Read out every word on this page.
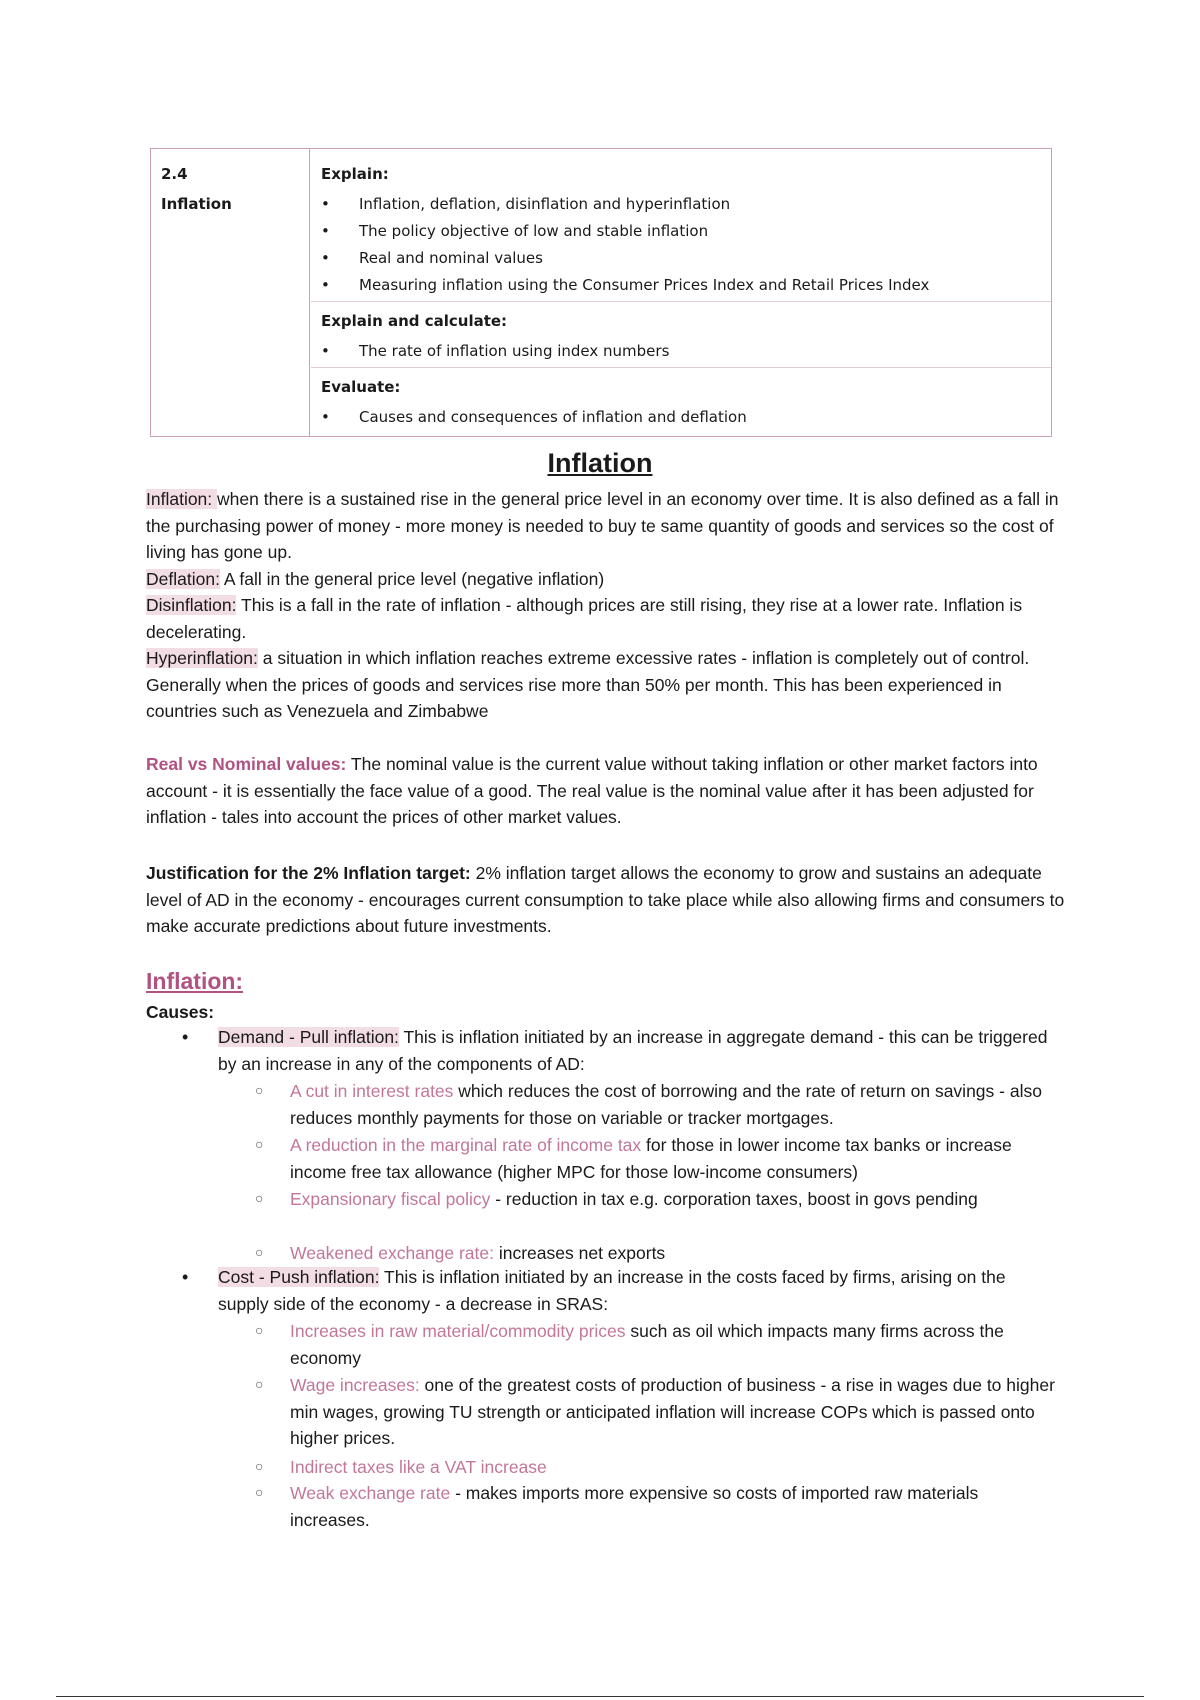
2.4
Inflation
Explain:
• Inflation, deflation, disinflation and hyperinflation
• The policy objective of low and stable inflation
• Real and nominal values
• Measuring inflation using the Consumer Prices Index and Retail Prices Index
Explain and calculate:
• The rate of inflation using index numbers
Evaluate:
• Causes and consequences of inflation and deflation
Inflation
Inflation: when there is a sustained rise in the general price level in an economy over time. It is also defined as a fall in the purchasing power of money - more money is needed to buy te same quantity of goods and services so the cost of living has gone up.
Deflation: A fall in the general price level (negative inflation)
Disinflation: This is a fall in the rate of inflation - although prices are still rising, they rise at a lower rate. Inflation is decelerating.
Hyperinflation: a situation in which inflation reaches extreme excessive rates - inflation is completely out of control. Generally when the prices of goods and services rise more than 50% per month. This has been experienced in countries such as Venezuela and Zimbabwe
Real vs Nominal values: The nominal value is the current value without taking inflation or other market factors into account - it is essentially the face value of a good. The real value is the nominal value after it has been adjusted for inflation - tales into account the prices of other market values.
Justification for the 2% Inflation target: 2% inflation target allows the economy to grow and sustains an adequate level of AD in the economy - encourages current consumption to take place while also allowing firms and consumers to make accurate predictions about future investments.
Inflation:
Causes:
• Demand - Pull inflation: This is inflation initiated by an increase in aggregate demand - this can be triggered by an increase in any of the components of AD:
○ A cut in interest rates which reduces the cost of borrowing and the rate of return on savings - also reduces monthly payments for those on variable or tracker mortgages.
○ A reduction in the marginal rate of income tax for those in lower income tax banks or increase income free tax allowance (higher MPC for those low-income consumers)
○ Expansionary fiscal policy - reduction in tax e.g. corporation taxes, boost in govs pending
○ Weakened exchange rate: increases net exports
• Cost - Push inflation: This is inflation initiated by an increase in the costs faced by firms, arising on the supply side of the economy - a decrease in SRAS:
○ Increases in raw material/commodity prices such as oil which impacts many firms across the economy
○ Wage increases: one of the greatest costs of production of business - a rise in wages due to higher min wages, growing TU strength or anticipated inflation will increase COPs which is passed onto higher prices.
○ Indirect taxes like a VAT increase
○ Weak exchange rate - makes imports more expensive so costs of imported raw materials increases.
